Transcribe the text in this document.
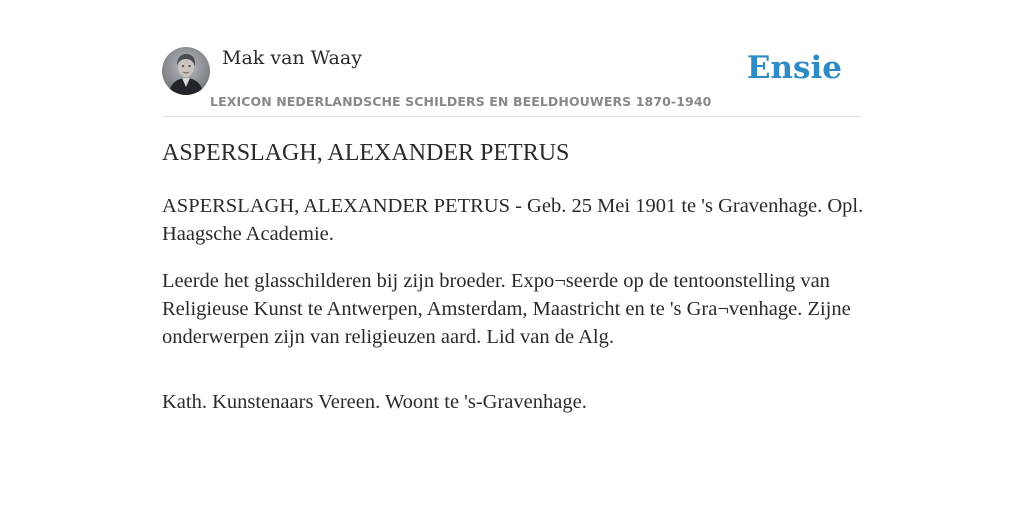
Mak van Waay
LEXICON NEDERLANDSCHE SCHILDERS EN BEELDHOUWERS 1870-1940
Ensie
ASPERSLAGH, ALEXANDER PETRUS

ASPERSLAGH, ALEXANDER PETRUS - Geb. 25 Mei 1901 te 's Gravenhage. Opl. Haagsche Academie.

Leerde het glasschilderen bij zijn broeder. Expo¬seerde op de tentoonstelling van Religieuse Kunst te Antwerpen, Amsterdam, Maastricht en te 's Gra¬venhage. Zijne onderwerpen zijn van religieuzen aard. Lid van de Alg.

Kath. Kunstenaars Vereen. Woont te 's-Gravenhage.
